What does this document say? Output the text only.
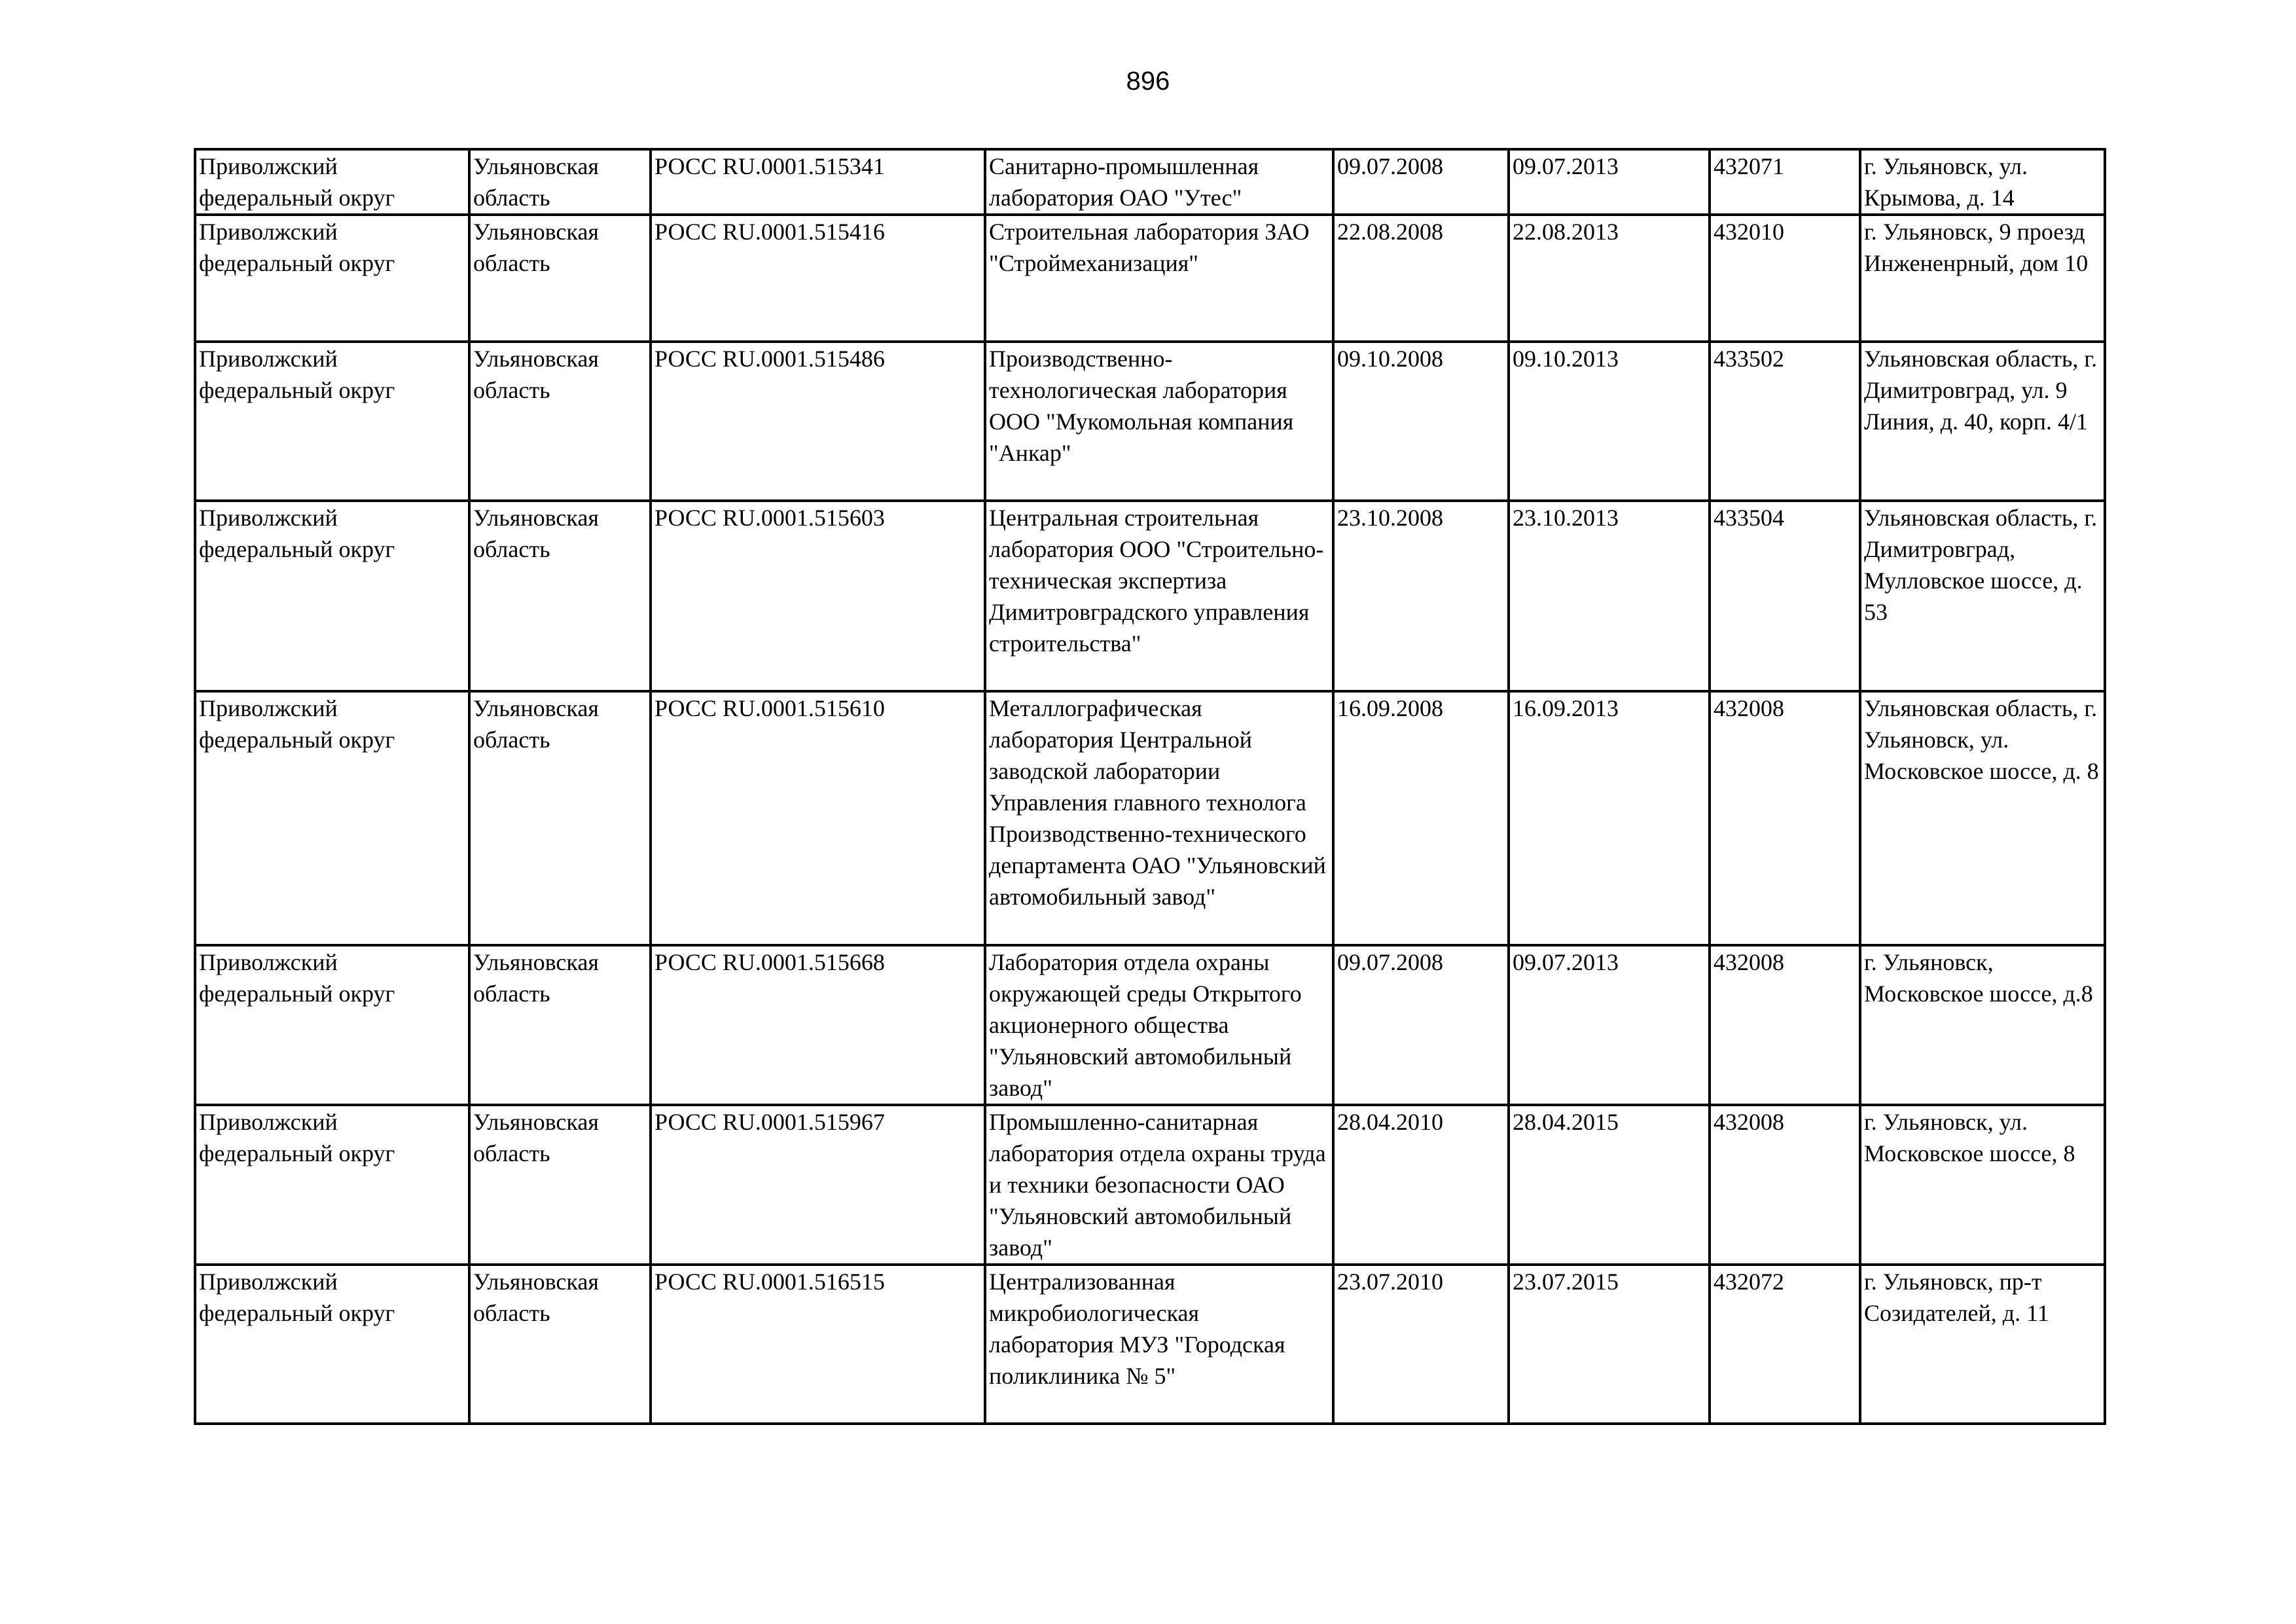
896
Приволжский федеральный округ	Ульяновская область	РОСС RU.0001.515341	Санитарно-промышленная лаборатория ОАО "Утес"	09.07.2008	09.07.2013	432071	г. Ульяновск, ул. Крымова, д. 14
Приволжский федеральный округ	Ульяновская область	РОСС RU.0001.515416	Строительная лаборатория ЗАО "Строймеханизация"	22.08.2008	22.08.2013	432010	г. Ульяновск, 9 проезд Инжененрный, дом 10
Приволжский федеральный округ	Ульяновская область	РОСС RU.0001.515486	Производственно-технологическая лаборатория ООО "Мукомольная компания "Анкар"	09.10.2008	09.10.2013	433502	Ульяновская область, г. Димитровград, ул. 9 Линия, д. 40, корп. 4/1
Приволжский федеральный округ	Ульяновская область	РОСС RU.0001.515603	Центральная строительная лаборатория ООО "Строительно-техническая экспертиза Димитровградского управления строительства"	23.10.2008	23.10.2013	433504	Ульяновская область, г. Димитровград, Мулловское шоссе, д. 53
Приволжский федеральный округ	Ульяновская область	РОСС RU.0001.515610	Металлографическая лаборатория Центральной заводской лаборатории Управления главного технолога Производственно-технического департамента ОАО "Ульяновский автомобильный завод"	16.09.2008	16.09.2013	432008	Ульяновская область, г. Ульяновск, ул. Московское шоссе, д. 8
Приволжский федеральный округ	Ульяновская область	РОСС RU.0001.515668	Лаборатория отдела охраны окружающей среды Открытого акционерного общества "Ульяновский автомобильный завод"	09.07.2008	09.07.2013	432008	г. Ульяновск, Московское шоссе, д.8
Приволжский федеральный округ	Ульяновская область	РОСС RU.0001.515967	Промышленно-санитарная лаборатория отдела охраны труда и техники безопасности ОАО "Ульяновский автомобильный завод"	28.04.2010	28.04.2015	432008	г. Ульяновск, ул. Московское шоссе, 8
Приволжский федеральный округ	Ульяновская область	РОСС RU.0001.516515	Централизованная микробиологическая лаборатория МУЗ "Городская поликлиника № 5"	23.07.2010	23.07.2015	432072	г. Ульяновск, пр-т Созидателей, д. 11
